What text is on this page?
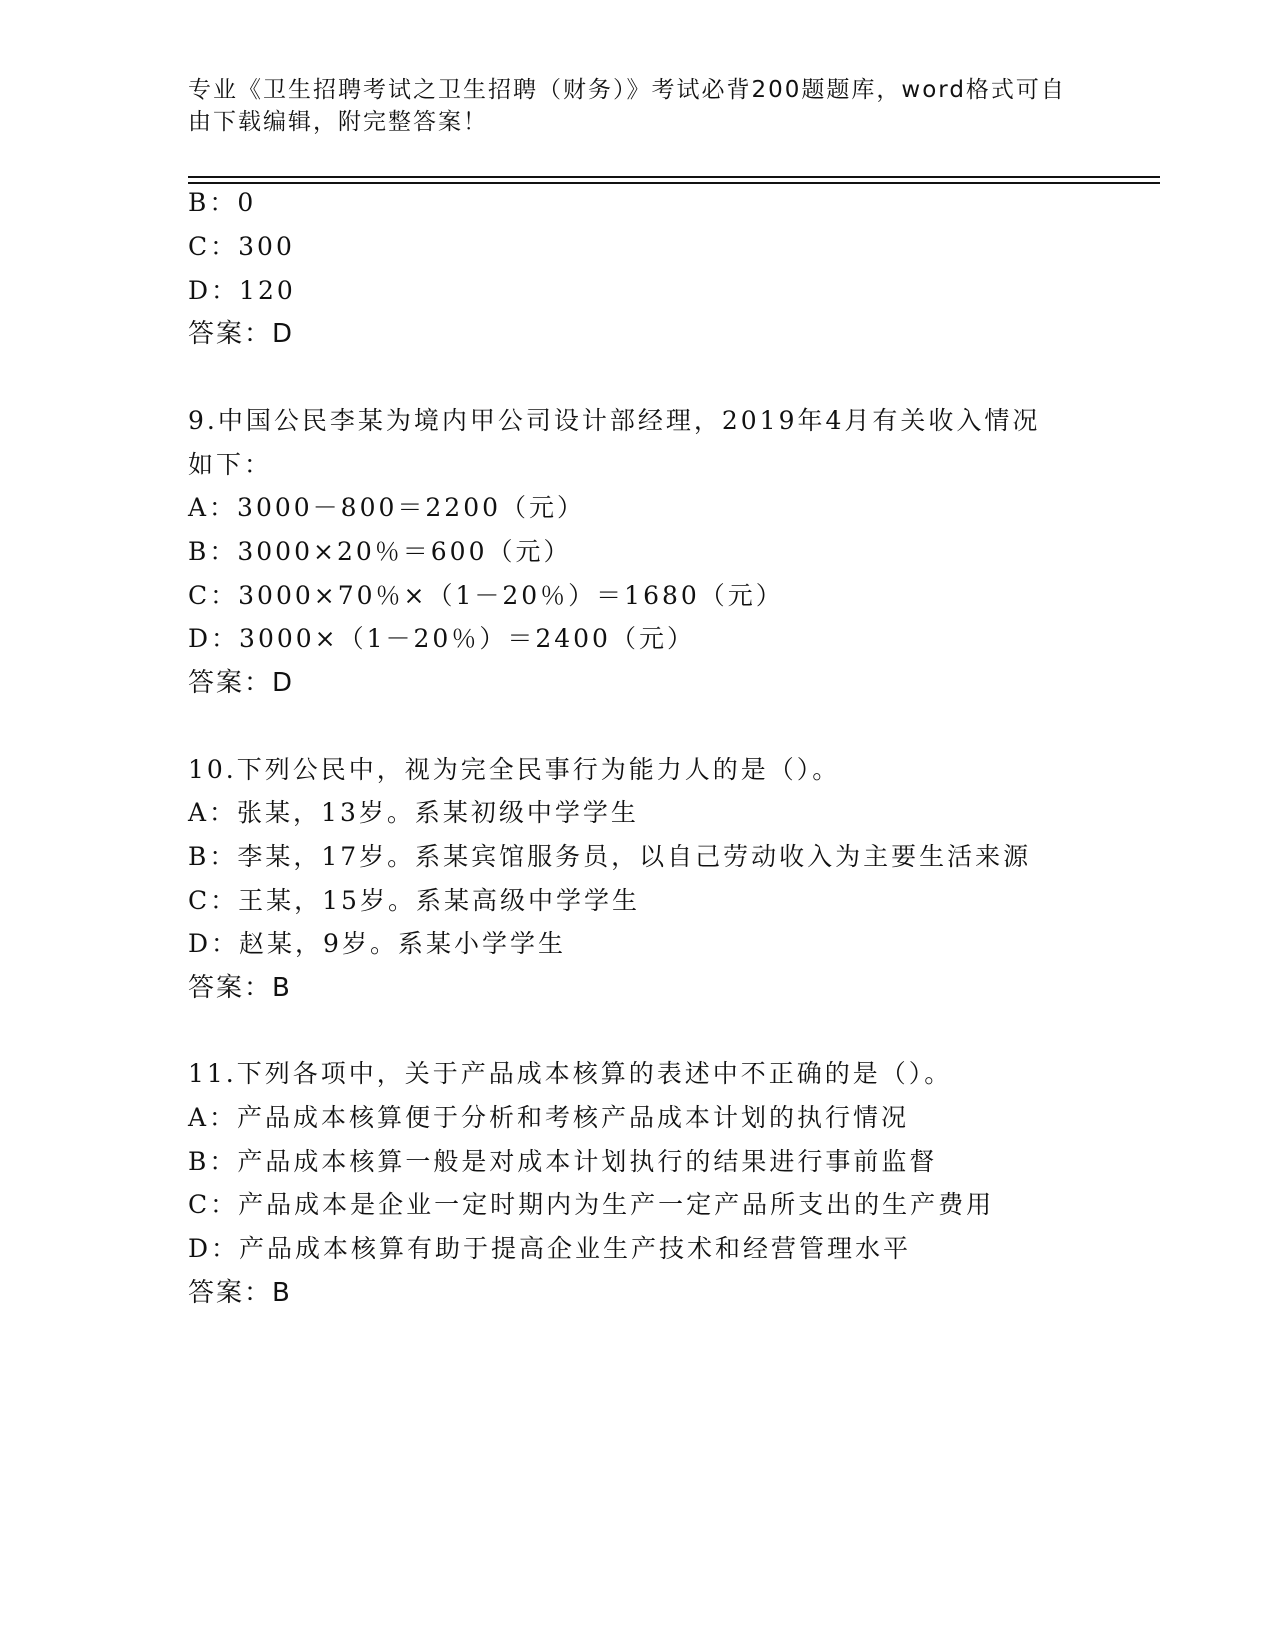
专业《卫生招聘考试之卫生招聘（财务）》考试必背200题题库，word格式可自
由下载编辑，附完整答案！
B：0
C：300
D：120
答案：D
9.中国公民李某为境内甲公司设计部经理，2019年4月有关收入情况
如下：
A：3000－800＝2200（元）
B：3000×20％＝600（元）
C：3000×70％×（1－20％）＝1680（元）
D：3000×（1－20％）＝2400（元）
答案：D
10.下列公民中，视为完全民事行为能力人的是（）。
A：张某，13岁。系某初级中学学生
B：李某，17岁。系某宾馆服务员，以自己劳动收入为主要生活来源
C：王某，15岁。系某高级中学学生
D：赵某，9岁。系某小学学生
答案：B
11.下列各项中，关于产品成本核算的表述中不正确的是（）。
A：产品成本核算便于分析和考核产品成本计划的执行情况
B：产品成本核算一般是对成本计划执行的结果进行事前监督
C：产品成本是企业一定时期内为生产一定产品所支出的生产费用
D：产品成本核算有助于提高企业生产技术和经营管理水平
答案：B
